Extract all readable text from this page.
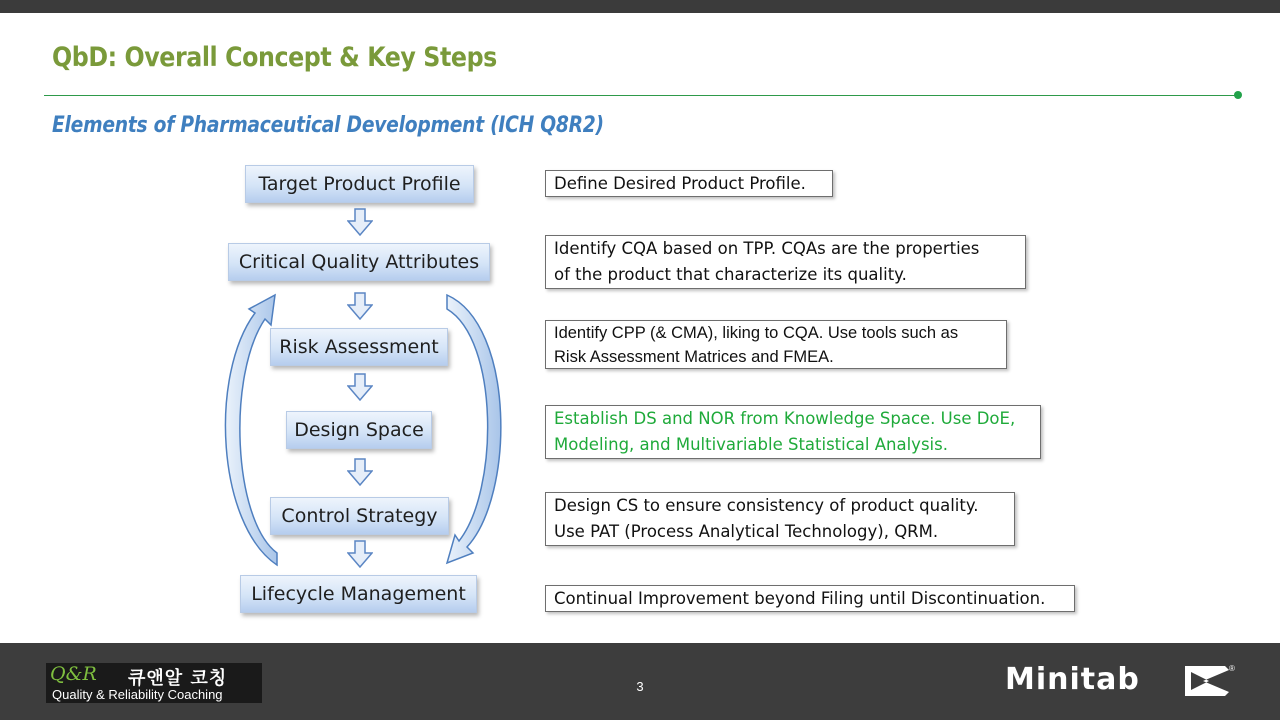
QbD: Overall Concept & Key Steps
Elements of Pharmaceutical Development (ICH Q8R2)
Target Product Profile
Critical Quality Attributes
Risk Assessment
Design Space
Control Strategy
Lifecycle Management
Define Desired Product Profile.
Identify CQA based on TPP. CQAs are the properties
of the product that characterize its quality.
Identify CPP (& CMA), liking to CQA. Use tools such as
Risk Assessment Matrices and FMEA.
Establish DS and NOR from Knowledge Space. Use DoE,
Modeling, and Multivariable Statistical Analysis.
Design CS to ensure consistency of product quality.
Use PAT (Process Analytical Technology), QRM.
Continual Improvement beyond Filing until Discontinuation.
Q&R 큐앤알 코칭
Quality & Reliability Coaching
3	Minitab	®
